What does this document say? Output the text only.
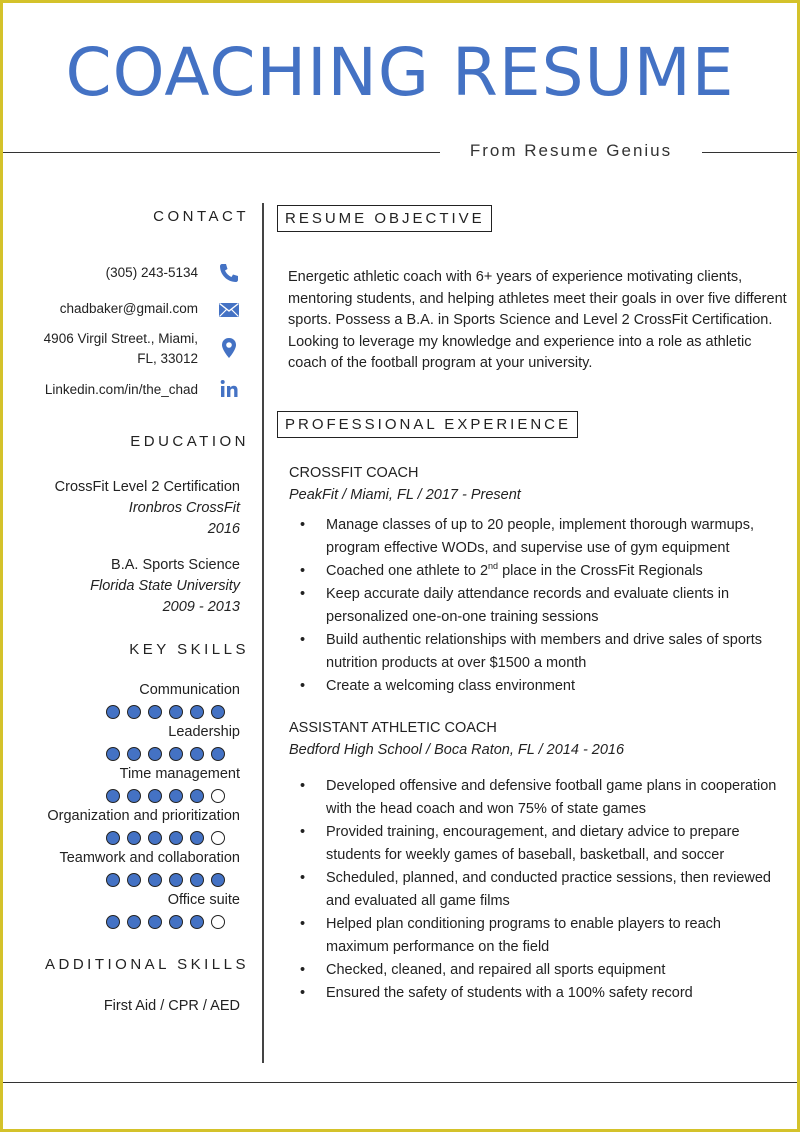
COACHING RESUME
From Resume Genius
CONTACT
(305) 243-5134
chadbaker@gmail.com
4906 Virgil Street., Miami,
FL, 33012
Linkedin.com/in/the_chad
EDUCATION
CrossFit Level 2 Certification
Ironbros CrossFit
2016
B.A. Sports Science
Florida State University
2009 - 2013
KEY SKILLS
Communication
Leadership
Time management
Organization and prioritization
Teamwork and collaboration
Office suite
ADDITIONAL SKILLS
First Aid / CPR / AED
RESUME OBJECTIVE

Energetic athletic coach with 6+ years of experience motivating clients, mentoring students, and helping athletes meet their goals in over five different sports. Possess a B.A. in Sports Science and Level 2 CrossFit Certification. Looking to leverage my knowledge and experience into a role as athletic coach of the football program at your university.

PROFESSIONAL EXPERIENCE
CROSSFIT COACH
PeakFit / Miami, FL / 2017 - Present
• Manage classes of up to 20 people, implement thorough warmups, program effective WODs, and supervise use of gym equipment
• Coached one athlete to 2nd place in the CrossFit Regionals
• Keep accurate daily attendance records and evaluate clients in personalized one-on-one training sessions
• Build authentic relationships with members and drive sales of sports nutrition products at over $1500 a month
• Create a welcoming class environment
ASSISTANT ATHLETIC COACH
Bedford High School / Boca Raton, FL / 2014 - 2016
• Developed offensive and defensive football game plans in cooperation with the head coach and won 75% of state games
• Provided training, encouragement, and dietary advice to prepare students for weekly games of baseball, basketball, and soccer
• Scheduled, planned, and conducted practice sessions, then reviewed and evaluated all game films
• Helped plan conditioning programs to enable players to reach maximum performance on the field
• Checked, cleaned, and repaired all sports equipment
• Ensured the safety of students with a 100% safety record
